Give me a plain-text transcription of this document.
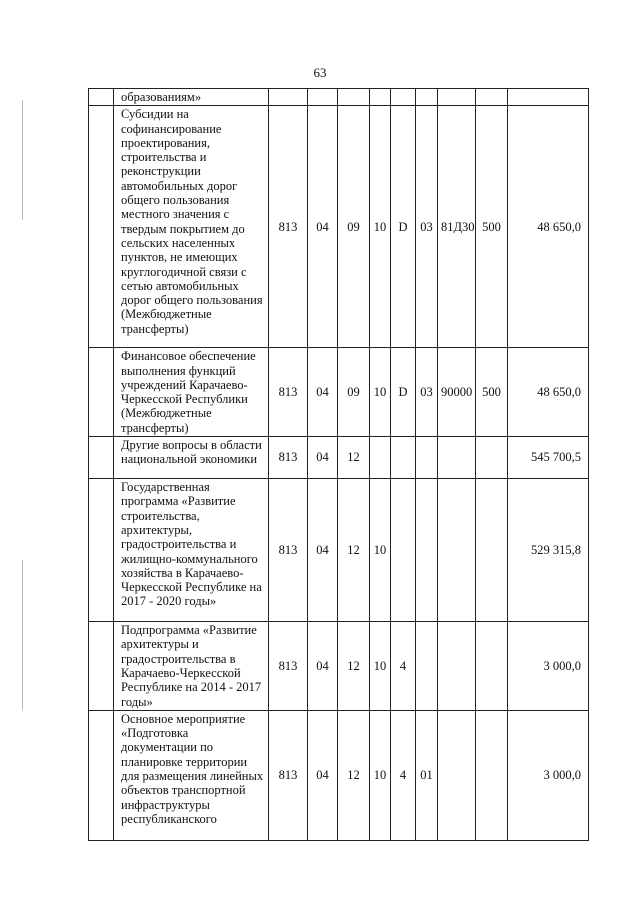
63
	образованиям»									
	Субсидии на софинансирование проектирования, строительства и реконструкции автомобильных дорог общего пользования местного значения с твердым покрытием до сельских населенных пунктов, не имеющих круглогодичной связи с сетью автомобильных дорог общего пользования (Межбюджетные трансферты)	813	04	09	10	D	03	81Д30	500	48 650,0
	Финансовое обеспечение выполнения функций учреждений Карачаево-Черкесской Республики (Межбюджетные трансферты)	813	04	09	10	D	03	90000	500	48 650,0
	Другие вопросы в области национальной экономики	813	04	12						545 700,5
	Государственная программа «Развитие строительства, архитектуры, градостроительства и жилищно-коммунального хозяйства в Карачаево-Черкесской Республике на 2017 - 2020 годы»	813	04	12	10					529 315,8
	Подпрограмма «Развитие архитектуры и градостроительства в Карачаево-Черкесской Республике на 2014 - 2017 годы»	813	04	12	10	4				3 000,0
	Основное мероприятие «Подготовка документации по планировке территории для размещения линейных объектов транспортной инфраструктуры республиканского	813	04	12	10	4	01			3 000,0
